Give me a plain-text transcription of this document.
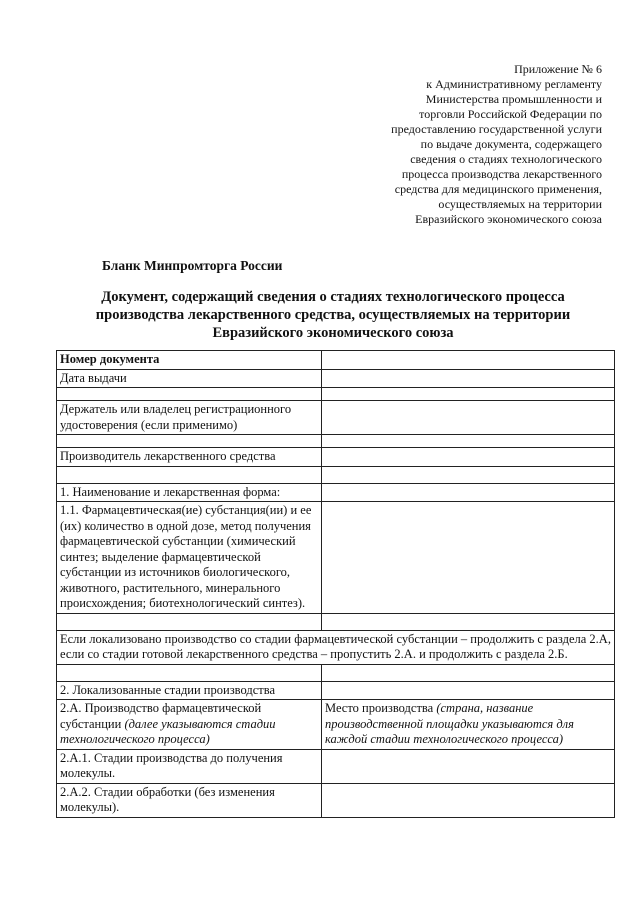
Приложение № 6
к Административному регламенту
Министерства промышленности и
торговли Российской Федерации по
предоставлению государственной услуги
по выдаче документа, содержащего
сведения о стадиях технологического
процесса производства лекарственного
средства для медицинского применения,
осуществляемых на территории
Евразийского экономического союза
Бланк Минпромторга России
Документ, содержащий сведения о стадиях технологического процесса
производства лекарственного средства, осуществляемых на территории
Евразийского экономического союза
Номер документа	
Дата выдачи	

Держатель или владелец регистрационного удостоверения (если применимо)	

Производитель лекарственного средства	

1. Наименование и лекарственная форма:	
1.1. Фармацевтическая(ие) субстанция(ии) и ее (их) количество в одной дозе, метод получения фармацевтической субстанции (химический синтез; выделение фармацевтической субстанции из источников биологического, животного, растительного, минерального происхождения; биотехнологический синтез).	

Если локализовано производство со стадии фармацевтической субстанции – продолжить с раздела 2.А, если со стадии готовой лекарственного средства – пропустить 2.А. и продолжить с раздела 2.Б.	

2. Локализованные стадии производства	
2.А. Производство фармацевтической субстанции (далее указываются стадии технологического процесса)	Место производства (страна, название производственной площадки указываются для каждой стадии технологического процесса)
2.А.1. Стадии производства до получения молекулы.	
2.А.2. Стадии обработки (без изменения молекулы).	
